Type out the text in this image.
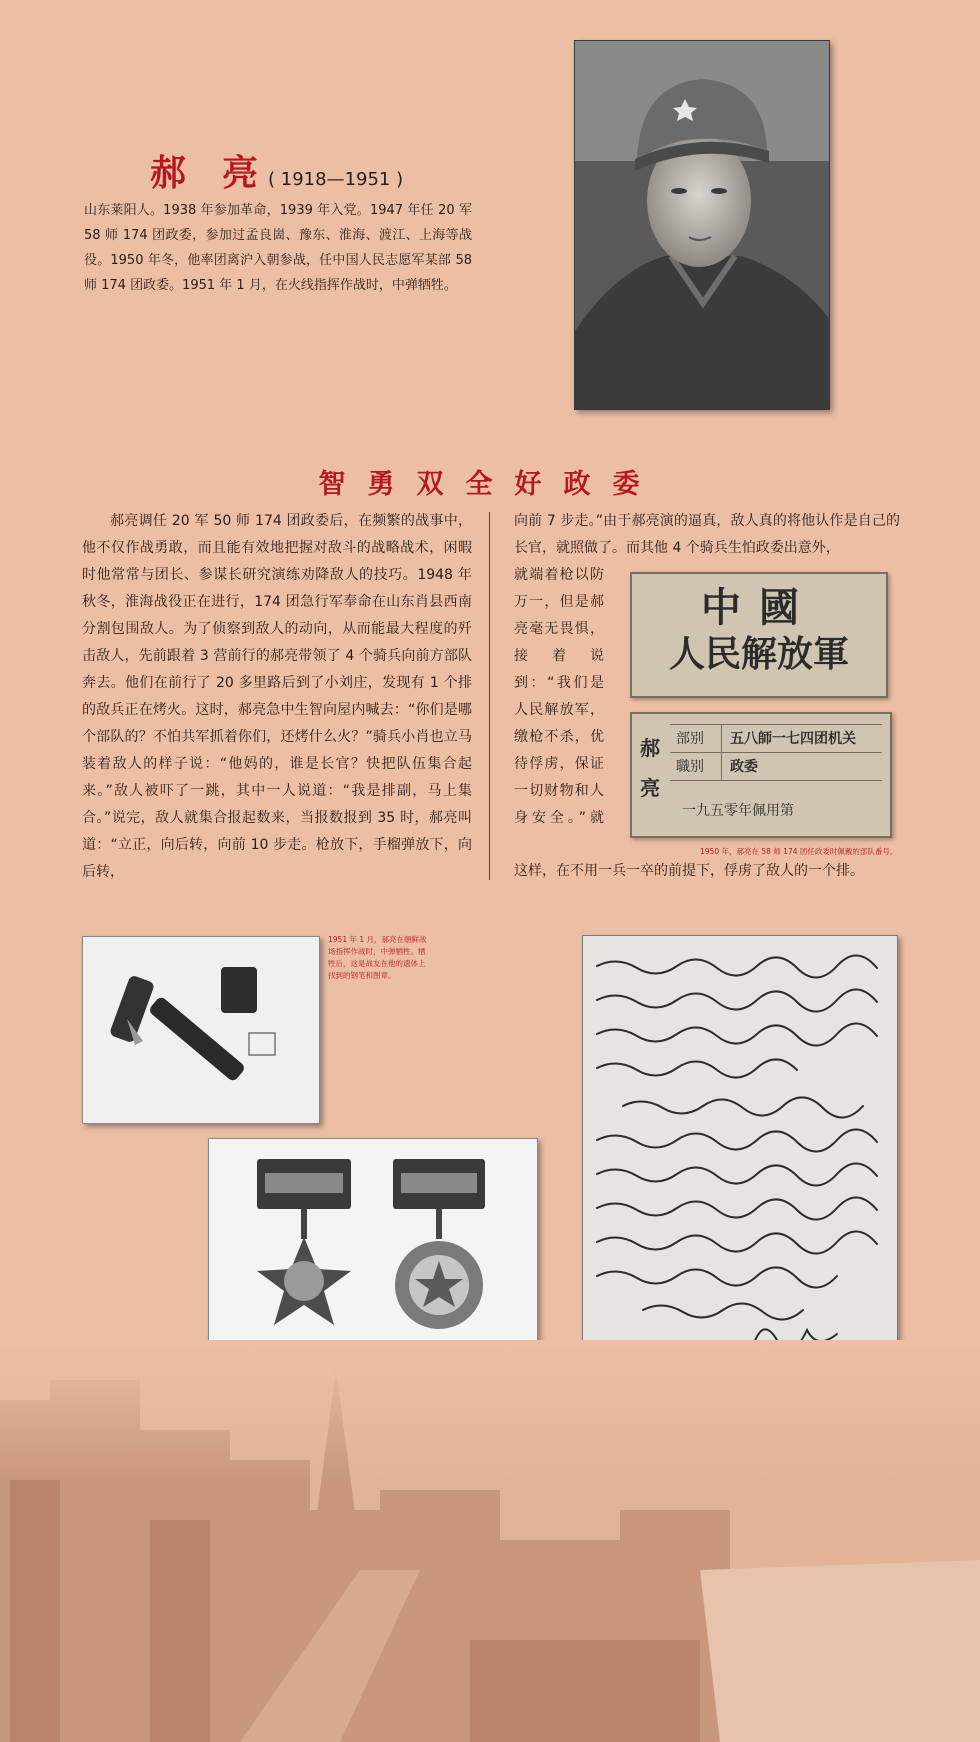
郝亮( 1918—1951 )
山东莱阳人。1938 年参加革命，1939 年入党。1947 年任 20 军 58 师 174 团政委，参加过孟良崮、豫东、淮海、渡江、上海等战役。1950 年冬，他率团离沪入朝参战，任中国人民志愿军某部 58 师 174 团政委。1951 年 1 月，在火线指挥作战时，中弹牺牲。
智勇双全好政委

郝亮调任 20 军 50 师 174 团政委后，在频繁的战事中，他不仅作战勇敢，而且能有效地把握对敌斗的战略战术，闲暇时他常常与团长、参谋长研究演练劝降敌人的技巧。1948 年秋冬，淮海战役正在进行，174 团急行军奉命在山东肖县西南分割包围敌人。为了侦察到敌人的动向，从而能最大程度的歼击敌人，先前跟着 3 营前行的郝亮带领了 4 个骑兵向前方部队奔去。他们在前行了 20 多里路后到了小刘庄，发现有 1 个排的敌兵正在烤火。这时，郝亮急中生智向屋内喊去：“你们是哪个部队的？不怕共军抓着你们，还烤什么火？”骑兵小肖也立马装着敌人的样子说：“他妈的，谁是长官？快把队伍集合起来。”敌人被吓了一跳，其中一人说道：“我是排副，马上集合。”说完，敌人就集合报起数来，当报数报到 35 时，郝亮叫道：“立正，向后转，向前 10 步走。枪放下，手榴弹放下，向后转，

向前 7 步走。”由于郝亮演的逼真，敌人真的将他认作是自己的长官，就照做了。而其他 4 个骑兵生怕政委出意外，
就端着枪以防万一，但是郝亮毫无畏惧，接着说到：“我们是人民解放军，缴枪不杀，优待俘虏，保证一切财物和人身安全。”就
这样，在不用一兵一卒的前提下，俘虏了敌人的一个排。
中國
人民解放軍
郝亮
部别	五八師一七四团机关
職别	政委
一九五零年佩用第
1950 年，郝亮在 58 师 174 团任政委时佩戴的部队番号。
1951 年 1 月，郝亮在朝鲜战场指挥作战时，中弹牺牲。牺牲后，这是战友在他的遗体上找到的钢笔和图章。
